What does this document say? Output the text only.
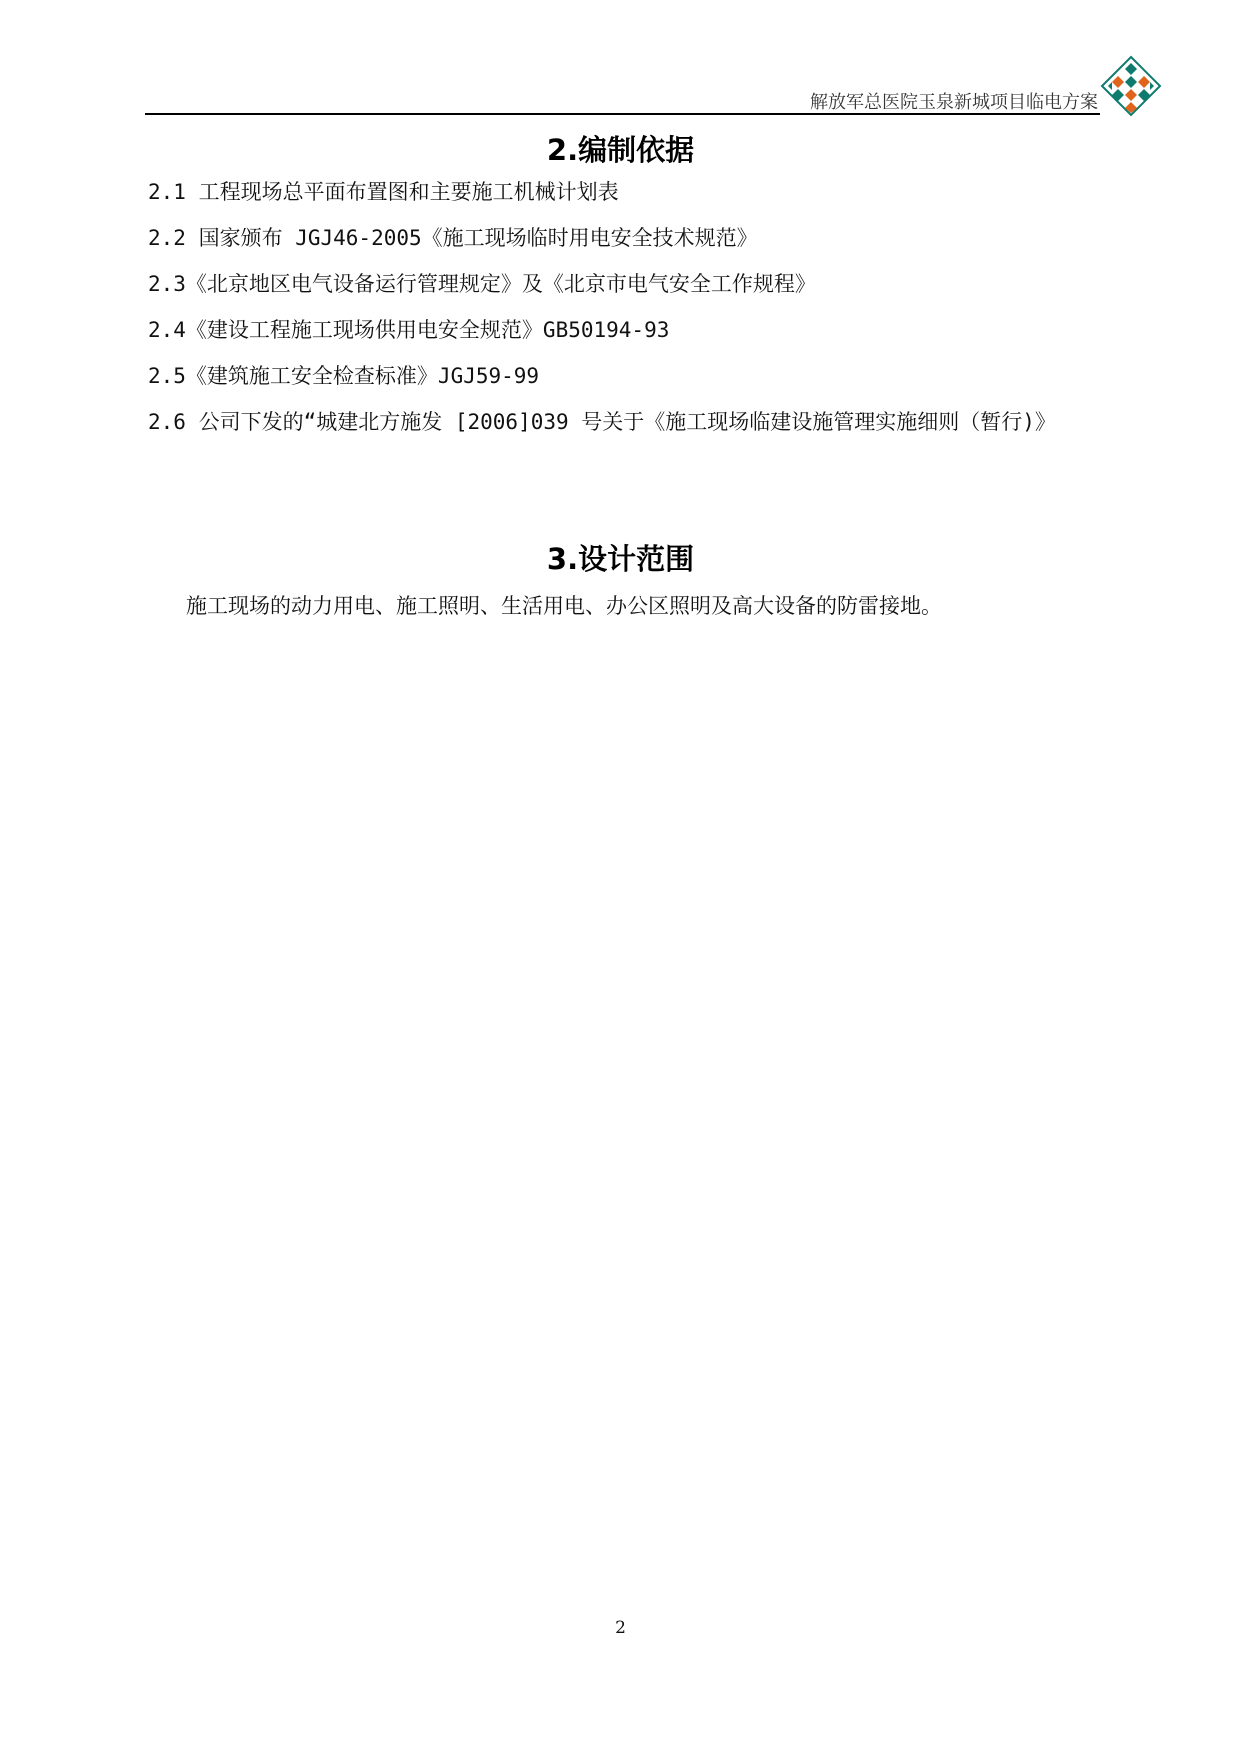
解放军总医院玉泉新城项目临电方案
2.编制依据
2.1 工程现场总平面布置图和主要施工机械计划表
2.2 国家颁布 JGJ46-2005《施工现场临时用电安全技术规范》
2.3《北京地区电气设备运行管理规定》及《北京市电气安全工作规程》
2.4《建设工程施工现场供用电安全规范》GB50194-93
2.5《建筑施工安全检查标准》JGJ59-99
2.6 公司下发的“城建北方施发 [2006]039 号关于《施工现场临建设施管理实施细则（暂行)》
3.设计范围
施工现场的动力用电、施工照明、生活用电、办公区照明及高大设备的防雷接地。
2
